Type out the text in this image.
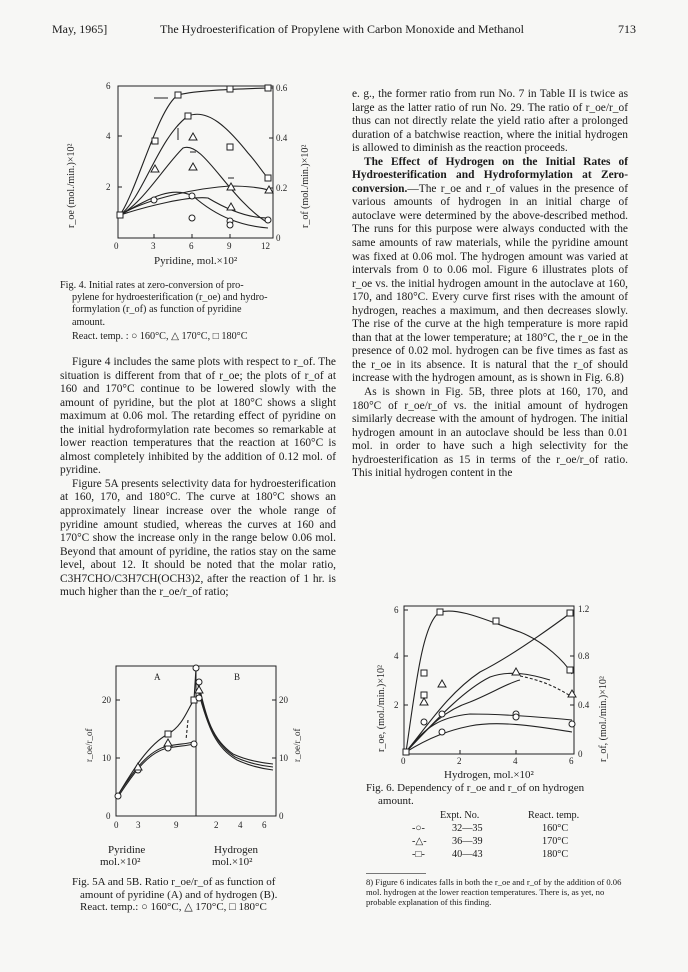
May, 1965]	The Hydroesterification of Propylene with Carbon Monoxide and Methanol	713
2
4
6
0
0.2
0.4
0.6
0	3	6	9	12
Pyridine, mol.×10²
r_oe (mol./min.)×10²	r_of (mol./min.)×10²
Fig. 4. Initial rates at zero-conversion of pro-
pylene for hydroesterification (r_oe) and hydro-
formylation (r_of) as function of pyridine
amount.
React. temp. : ○ 160°C, △ 170°C, □ 180°C

Figure 4 includes the same plots with respect to r_of. The situation is different from that of r_oe; the plots of r_of at 160 and 170°C continue to be lowered slowly with the amount of pyridine, but the plot at 180°C shows a slight maximum at 0.06 mol. The retarding effect of pyridine on the initial hydroformylation rate becomes so remarkable at lower reaction temperatures that the reaction at 160°C is almost completely inhibited by the addition of 0.12 mol. of pyridine.

Figure 5A presents selectivity data for hydroesterification at 160, 170, and 180°C. The curve at 180°C shows an approximately linear increase over the whole range of pyridine amount studied, whereas the curves at 160 and 170°C show the increase only in the range below 0.06 mol. Beyond that amount of pyridine, the ratios stay on the same level, about 12. It should be noted that the molar ratio, C3H7CHO/C3H7CH(OCH3)2, after the reaction of 1 hr. is much higher than the r_oe/r_of ratio;

A	B
0
10
20
0
10
20
0 3	9	2 4 6
r_oe/r_of	r_oe/r_of
Pyridine
mol.×10²
Hydrogen
mol.×10²
Fig. 5A and 5B. Ratio r_oe/r_of as function of
amount of pyridine (A) and of hydrogen (B).
React. temp.: ○ 160°C, △ 170°C, □ 180°C

e. g., the former ratio from run No. 7 in Table II is twice as large as the latter ratio of run No. 29. The ratio of r_oe/r_of thus can not directly relate the yield ratio after a prolonged duration of a batchwise reaction, where the initial hydrogen is allowed to diminish as the reaction proceeds.

The Effect of Hydrogen on the Initial Rates of Hydroesterification and Hydroformylation at Zero-conversion.—The r_oe and r_of values in the presence of various amounts of hydrogen in an initial charge of autoclave were determined by the above-described method. The runs for this purpose were always conducted with the same amounts of raw materials, while the pyridine amount was fixed at 0.06 mol. The hydrogen amount was varied at intervals from 0 to 0.06 mol. Figure 6 illustrates plots of r_oe vs. the initial hydrogen amount in the autoclave at 160, 170, and 180°C. Every curve first rises with the amount of hydrogen, reaches a maximum, and then decreases slowly. The rise of the curve at the high temperature is more rapid than that at the lower temperature; at 180°C, the r_oe in the presence of 0.02 mol. hydrogen can be five times as fast as the r_oe in its absence. It is natural that the r_of should increase with the hydrogen amount, as is shown in Fig. 6.8)

As is shown in Fig. 5B, three plots at 160, 170, and 180°C of r_oe/r_of vs. the initial amount of hydrogen similarly decrease with the amount of hydrogen. The initial hydrogen amount in an autoclave should be less than 0.01 mol. in order to have such a high selectivity for the hydroesterification as 15 in terms of the r_oe/r_of ratio. This initial hydrogen content in the

2
4
6
0
0.4
0.8
1.2
0	2	4	6
Hydrogen, mol.×10²
r_oe, (mol./min.)×10²	r_of, (mol./min.)×10²
Fig. 6. Dependency of r_oe and r_of on hydrogen
amount.
Expt. No.	React. temp.
-○-	32—35	160°C
-△- 36—39	170°C
-□-	40—43	180°C
8) Figure 6 indicates falls in both the r_oe and r_of by the addition of 0.06 mol. hydrogen at the lower reaction temperatures. There is, as yet, no probable explanation of this finding.
